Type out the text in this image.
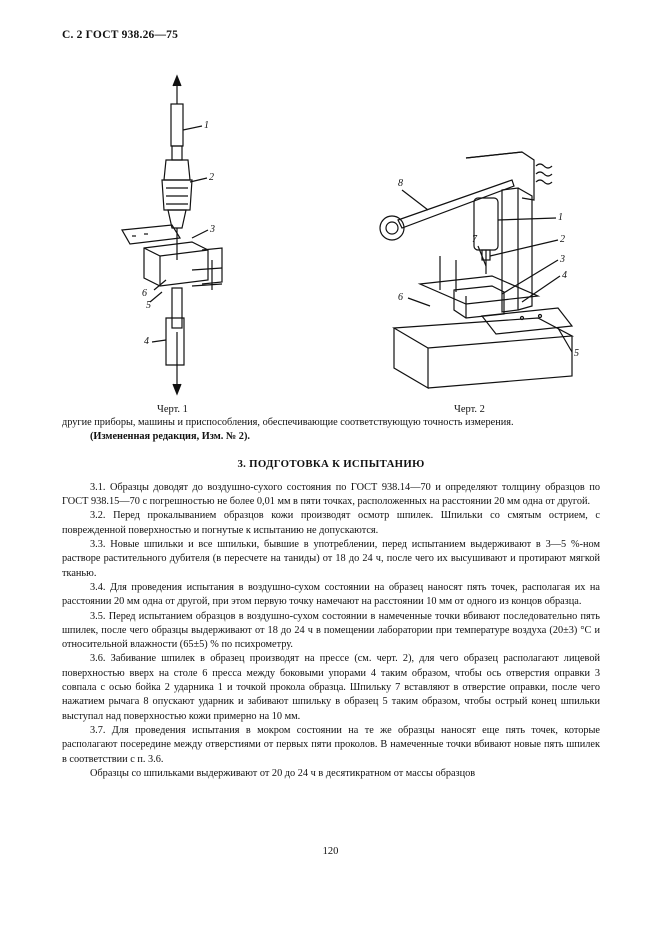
С. 2 ГОСТ 938.26—75
1
2
3
4
5
6
8
1
2
3
4
5
6
7
Черт. 1	Черт. 2

другие приборы, машины и приспособления, обеспечивающие соответствующую точность измерения.

(Измененная редакция, Изм. № 2).

3. ПОДГОТОВКА К ИСПЫТАНИЮ

3.1. Образцы доводят до воздушно-сухого состояния по ГОСТ 938.14—70 и определяют толщину образцов по ГОСТ 938.15—70 с погрешностью не более 0,01 мм в пяти точках, расположенных на расстоянии 20 мм одна от другой.

3.2. Перед прокалыванием образцов кожи производят осмотр шпилек. Шпильки со смятым острием, с поврежденной поверхностью и погнутые к испытанию не допускаются.

3.3. Новые шпильки и все шпильки, бывшие в употреблении, перед испытанием выдерживают в 3—5 %-ном растворе растительного дубителя (в пересчете на таниды) от 18 до 24 ч, после чего их высушивают и протирают мягкой тканью.

3.4. Для проведения испытания в воздушно-сухом состоянии на образец наносят пять точек, располагая их на расстоянии 20 мм одна от другой, при этом первую точку намечают на расстоянии 10 мм от одного из концов образца.

3.5. Перед испытанием образцов в воздушно-сухом состоянии в намеченные точки вбивают последовательно пять шпилек, после чего образцы выдерживают от 18 до 24 ч в помещении лаборатории при температуре воздуха (20±3) °С и относительной влажности (65±5) % по психрометру.

3.6. Забивание шпилек в образец производят на прессе (см. черт. 2), для чего образец располагают лицевой поверхностью вверх на столе 6 пресса между боковыми упорами 4 таким образом, чтобы ось отверстия оправки 3 совпала с осью бойка 2 ударника 1 и точкой прокола образца. Шпильку 7 вставляют в отверстие оправки, после чего нажатием рычага 8 опускают ударник и забивают шпильку в образец 5 таким образом, чтобы острый конец шпильки выступал над поверхностью кожи примерно на 10 мм.

3.7. Для проведения испытания в мокром состоянии на те же образцы наносят еще пять точек, которые располагают посередине между отверстиями от первых пяти проколов. В намеченные точки вбивают новые пять шпилек в соответствии с п. 3.6.

Образцы со шпильками выдерживают от 20 до 24 ч в десятикратном от массы образцов

120
